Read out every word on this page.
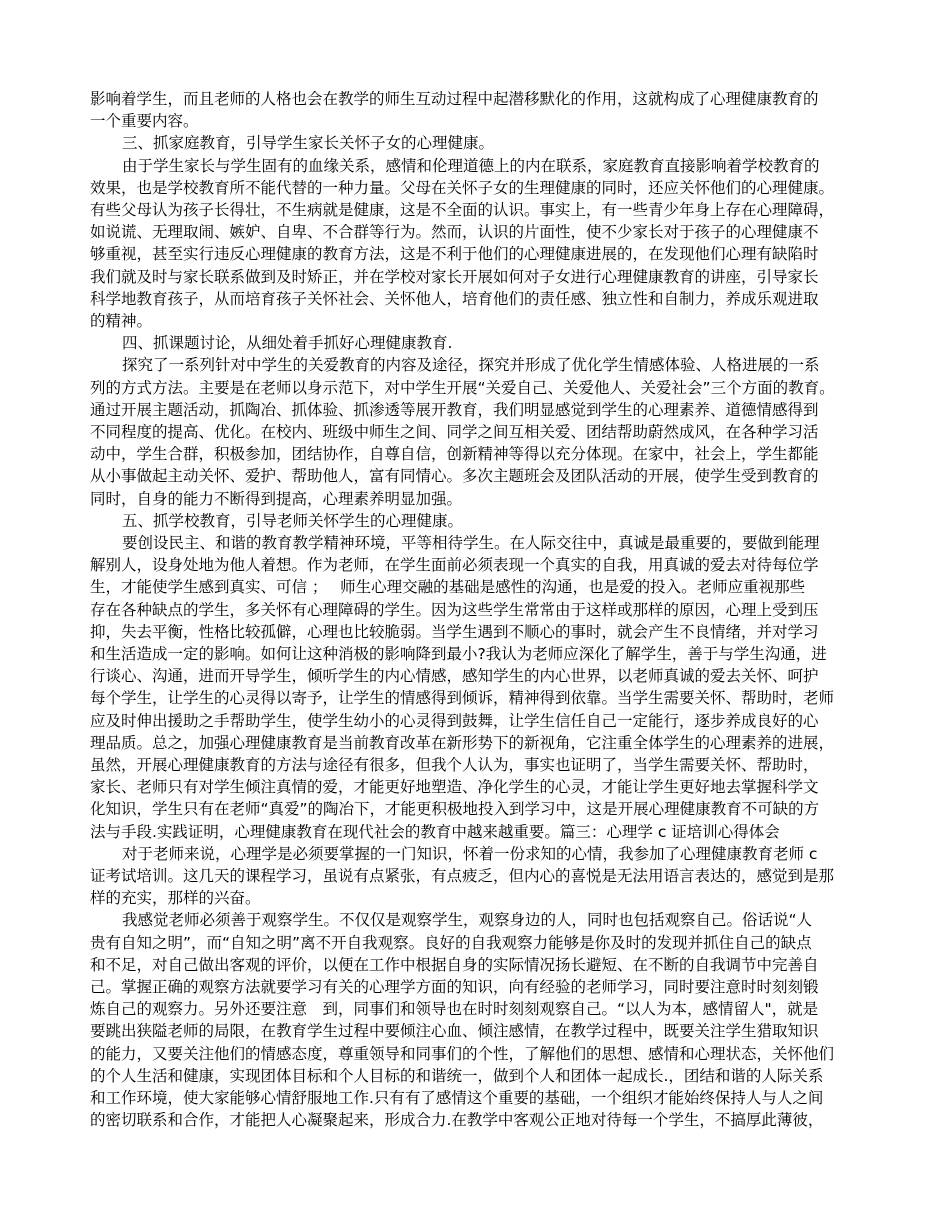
影响着学生，而且老师的人格也会在教学的师生互动过程中起潜移默化的作用，这就构成了心理健康教育的
一个重要内容。
三、抓家庭教育，引导学生家长关怀子女的心理健康。
由于学生家长与学生固有的血缘关系，感情和伦理道德上的内在联系，家庭教育直接影响着学校教育的
效果，也是学校教育所不能代替的一种力量。父母在关怀子女的生理健康的同时，还应关怀他们的心理健康。
有些父母认为孩子长得壮，不生病就是健康，这是不全面的认识。事实上，有一些青少年身上存在心理障碍，
如说谎、无理取闹、嫉妒、自卑、不合群等行为。然而，认识的片面性，使不少家长对于孩子的心理健康不
够重视，甚至实行违反心理健康的教育方法，这是不利于他们的心理健康进展的，在发现他们心理有缺陷时
我们就及时与家长联系做到及时矫正，并在学校对家长开展如何对子女进行心理健康教育的讲座，引导家长
科学地教育孩子，从而培育孩子关怀社会、关怀他人，培育他们的责任感、独立性和自制力，养成乐观进取
的精神。
四、抓课题讨论，从细处着手抓好心理健康教育.
探究了一系列针对中学生的关爱教育的内容及途径，探究并形成了优化学生情感体验、人格进展的一系
列的方式方法。主要是在老师以身示范下，对中学生开展“关爱自己、关爱他人、关爱社会”三个方面的教育。
通过开展主题活动，抓陶冶、抓体验、抓渗透等展开教育，我们明显感觉到学生的心理素养、道德情感得到
不同程度的提高、优化。在校内、班级中师生之间、同学之间互相关爱、团结帮助蔚然成风，在各种学习活
动中，学生合群，积极参加，团结协作，自尊自信，创新精神等得以充分体现。在家中，社会上，学生都能
从小事做起主动关怀、爱护、帮助他人，富有同情心。多次主题班会及团队活动的开展，使学生受到教育的
同时，自身的能力不断得到提高，心理素养明显加强。
五、抓学校教育，引导老师关怀学生的心理健康。
要创设民主、和谐的教育教学精神环境，平等相待学生。在人际交往中，真诚是最重要的，要做到能理
解别人，设身处地为他人着想。作为老师，在学生面前必须表现一个真实的自我，用真诚的爱去对待每位学
生，才能使学生感到真实、可信 ；　 师生心理交融的基础是感性的沟通，也是爱的投入。老师应重视那些
存在各种缺点的学生，多关怀有心理障碍的学生。因为这些学生常常由于这样或那样的原因，心理上受到压
抑，失去平衡，性格比较孤僻，心理也比较脆弱。当学生遇到不顺心的事时，就会产生不良情绪，并对学习
和生活造成一定的影响。如何让这种消极的影响降到最小?我认为老师应深化了解学生，善于与学生沟通，进
行谈心、沟通，进而开导学生，倾听学生的内心情感，感知学生的内心世界，以老师真诚的爱去关怀、呵护
每个学生，让学生的心灵得以寄予，让学生的情感得到倾诉，精神得到依靠。当学生需要关怀、帮助时，老师
应及时伸出援助之手帮助学生，使学生幼小的心灵得到鼓舞，让学生信任自己一定能行，逐步养成良好的心
理品质。总之，加强心理健康教育是当前教育改革在新形势下的新视角，它注重全体学生的心理素养的进展，
虽然，开展心理健康教育的方法与途径有很多，但我个人认为，事实也证明了，当学生需要关怀、帮助时，
家长、老师只有对学生倾注真情的爱，才能更好地塑造、净化学生的心灵，才能让学生更好地去掌握科学文
化知识，学生只有在老师“真爱”的陶冶下，才能更积极地投入到学习中，这是开展心理健康教育不可缺的方
法与手段.实践证明，心理健康教育在现代社会的教育中越来越重要。篇三：心理学 c 证培训心得体会
对于老师来说，心理学是必须要掌握的一门知识，怀着一份求知的心情，我参加了心理健康教育老师 c
证考试培训。这几天的课程学习，虽说有点紧张，有点疲乏，但内心的喜悦是无法用语言表达的，感觉到是那
样的充实，那样的兴奋。
我感觉老师必须善于观察学生。不仅仅是观察学生，观察身边的人，同时也包括观察自己。俗话说“人
贵有自知之明”，而“自知之明”离不开自我观察。良好的自我观察力能够是你及时的发现并抓住自己的缺点
和不足，对自己做出客观的评价，以便在工作中根据自身的实际情况扬长避短、在不断的自我调节中完善自
己。掌握正确的观察方法就要学习有关的心理学方面的知识，向有经验的老师学习，同时要注意时时刻刻锻
炼自己的观察力。另外还要注意　到，同事们和领导也在时时刻刻观察自己。“以人为本，感情留人"，就是
要跳出狭隘老师的局限，在教育学生过程中要倾注心血、倾注感情，在教学过程中，既要关注学生猎取知识
的能力，又要关注他们的情感态度，尊重领导和同事们的个性，了解他们的思想、感情和心理状态，关怀他们
的个人生活和健康，实现团体目标和个人目标的和谐统一，做到个人和团体一起成长.，团结和谐的人际关系
和工作环境，使大家能够心情舒服地工作.只有有了感情这个重要的基础，一个组织才能始终保持人与人之间
的密切联系和合作，才能把人心凝聚起来，形成合力.在教学中客观公正地对待每一个学生，不搞厚此薄彼，
